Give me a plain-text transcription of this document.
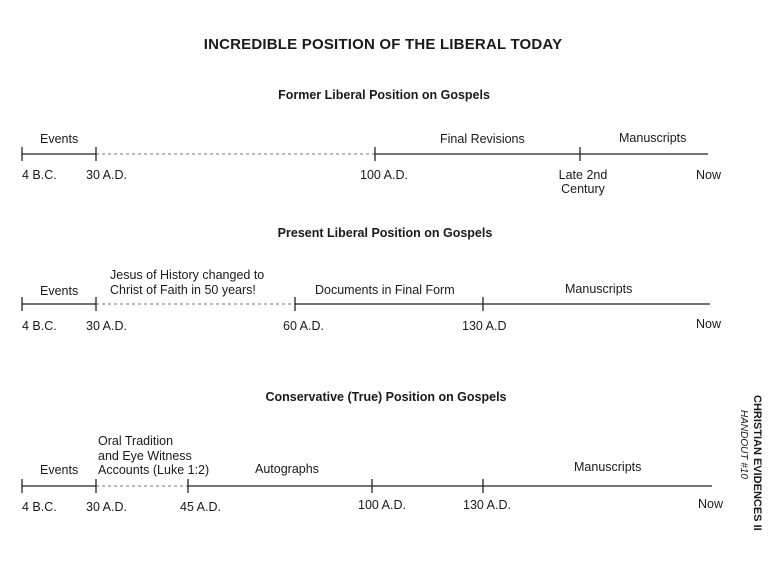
INCREDIBLE POSITION OF THE LIBERAL TODAY
Former Liberal Position on Gospels
Events	Final Revisions	Manuscripts
4 B.C. 30 A.D.	100 A.D.	Late 2nd
Century
Now
Present Liberal Position on Gospels
Events
Jesus of History changed to
Christ of Faith in 50 years!	Documents in Final Form	Manuscripts
4 B.C. 30 A.D.	60 A.D.	130 A.D	Now
Conservative (True) Position on Gospels
Events
Oral Tradition
and Eye Witness
Accounts (Luke 1:2)	Autographs	Manuscripts
4 B.C. 30 A.D.	45 A.D.	100 A.D.	130 A.D.	Now	CHRISTIAN EVIDENCES II
HANDOUT #10
